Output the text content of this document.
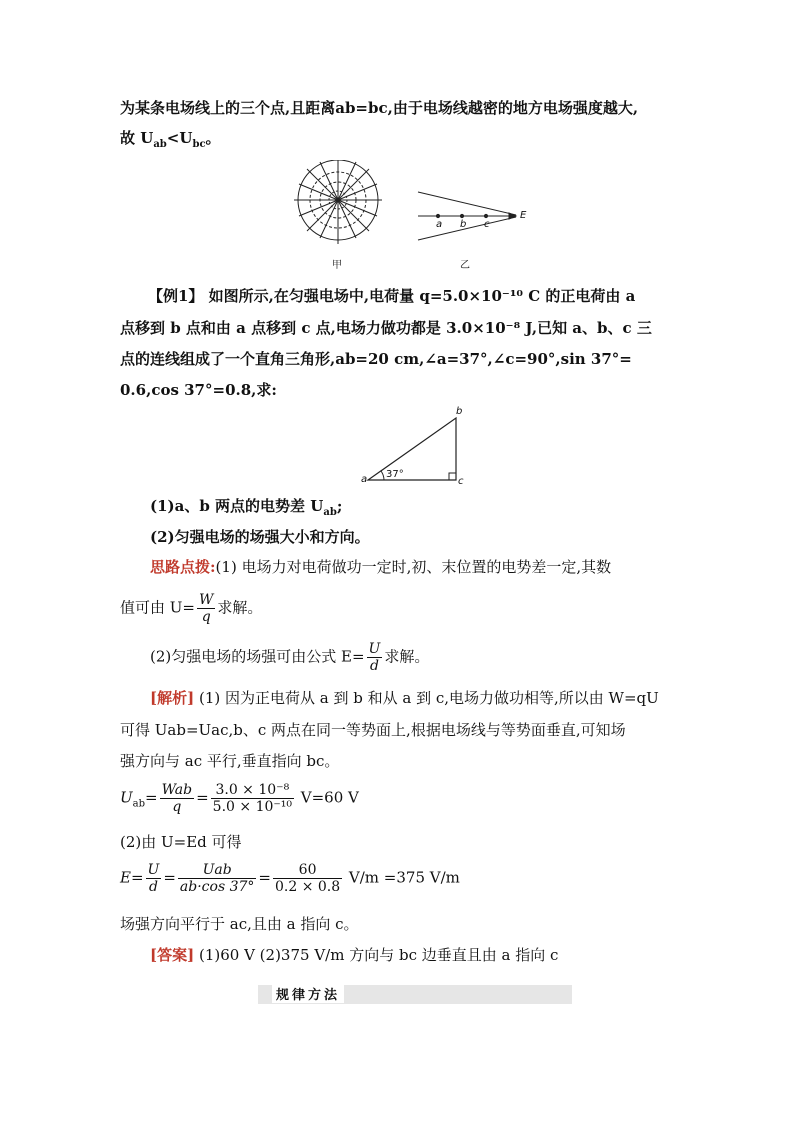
为某条电场线上的三个点,且距离ab=bc,由于电场线越密的地方电场强度越大,
故 $U_{ab}<U_{bc}$。
a b c
E
甲	乙
【例1】 如图所示,在匀强电场中,电荷量 q=5.0×10⁻¹⁰ C 的正电荷由 a
点移到 b 点和由 a 点移到 c 点,电场力做功都是 3.0×10⁻⁸ J,已知 a、b、c 三
点的连线组成了一个直角三角形,ab=20 cm,∠a=37°,∠c=90°,sin 37°=
0.6,cos 37°=0.8,求:
a
b
c
37°
(1)a、b 两点的电势差 $U_{ab}$;
(2)匀强电场的场强大小和方向。
思路点拨:(1) 电场力对电荷做功一定时,初、末位置的电势差一定,其数
值可由 $U= \frac{W}{q}$ 求解。
(2)匀强电场的场强可由公式 $E= \frac{U}{d}$ 求解。
[解析] (1) 因为正电荷从 a 到 b 和从 a 到 c,电场力做功相等,所以由 W=qU
可得 Uab=Uac,b、c 两点在同一等势面上,根据电场线与等势面垂直,可知场
强方向与 ac 平行,垂直指向 bc。
$U_{ab}= \frac{\text{Wab}}{q} = \frac{\text{3.0 × 10⁻⁸}}{\text{5.0 × 10⁻¹⁰}} V=60$ V
(2)由 U=Ed 可得
$E= \frac{U}{d} = \frac{\text{Uab}}{ab\cdot\cos 37^\circ} = \frac{60}{0.2 \times 0.8} V/m =375$ V/m
场强方向平行于 ac,且由 a 指向 c。
[答案] (1)60 V (2)375 V/m 方向与 bc 边垂直且由 a 指向 c
规律方法
